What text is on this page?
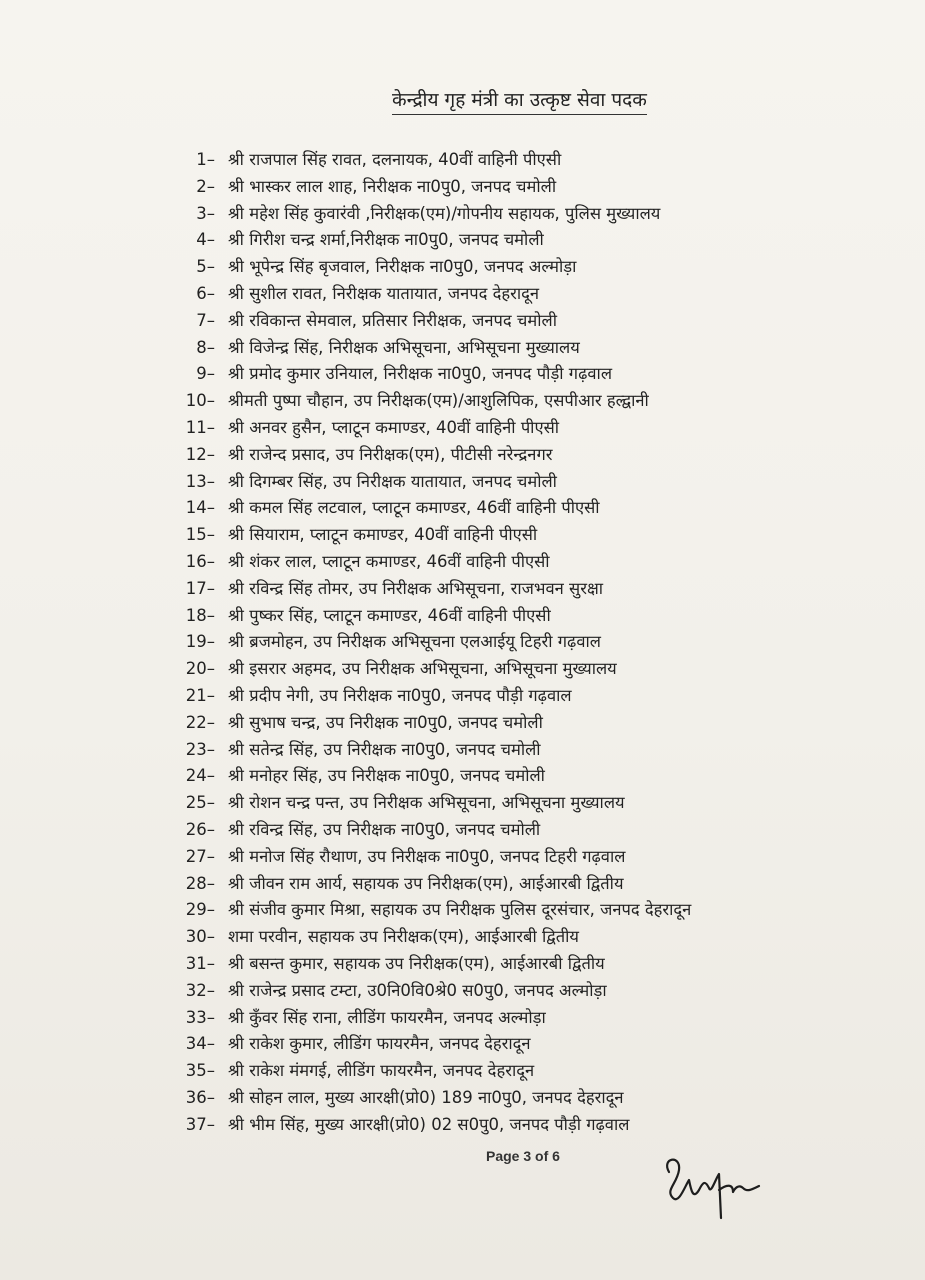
केन्द्रीय गृह मंत्री का उत्कृष्ट सेवा पदक
1– श्री राजपाल सिंह रावत, दलनायक, 40वीं वाहिनी पीएसी
2– श्री भास्कर लाल शाह, निरीक्षक ना0पु0, जनपद चमोली
3– श्री महेश सिंह कुवारंवी ,निरीक्षक(एम)/गोपनीय सहायक, पुलिस मुख्यालय
4– श्री गिरीश चन्द्र शर्मा,निरीक्षक ना0पु0, जनपद चमोली
5– श्री भूपेन्द्र सिंह बृजवाल, निरीक्षक ना0पु0, जनपद अल्मोड़ा
6– श्री सुशील रावत, निरीक्षक यातायात, जनपद देहरादून
7– श्री रविकान्त सेमवाल, प्रतिसार निरीक्षक, जनपद चमोली
8– श्री विजेन्द्र सिंह, निरीक्षक अभिसूचना, अभिसूचना मुख्यालय
9– श्री प्रमोद कुमार उनियाल, निरीक्षक ना0पु0, जनपद पौड़ी गढ़वाल
10– श्रीमती पुष्पा चौहान, उप निरीक्षक(एम)/आशुलिपिक, एसपीआर हल्द्वानी
11– श्री अनवर हुसैन, प्लाटून कमाण्डर, 40वीं वाहिनी पीएसी
12– श्री राजेन्द प्रसाद, उप निरीक्षक(एम), पीटीसी नरेन्द्रनगर
13– श्री दिगम्बर सिंह, उप निरीक्षक यातायात, जनपद चमोली
14– श्री कमल सिंह लटवाल, प्लाटून कमाण्डर, 46वीं वाहिनी पीएसी
15– श्री सियाराम, प्लाटून कमाण्डर, 40वीं वाहिनी पीएसी
16– श्री शंकर लाल, प्लाटून कमाण्डर, 46वीं वाहिनी पीएसी
17– श्री रविन्द्र सिंह तोमर, उप निरीक्षक अभिसूचना, राजभवन सुरक्षा
18– श्री पुष्कर सिंह, प्लाटून कमाण्डर, 46वीं वाहिनी पीएसी
19– श्री ब्रजमोहन, उप निरीक्षक अभिसूचना एलआईयू टिहरी गढ़वाल
20– श्री इसरार अहमद, उप निरीक्षक अभिसूचना, अभिसूचना मुख्यालय
21– श्री प्रदीप नेगी, उप निरीक्षक ना0पु0, जनपद पौड़ी गढ़वाल
22– श्री सुभाष चन्द्र, उप निरीक्षक ना0पु0, जनपद चमोली
23– श्री सतेन्द्र सिंह, उप निरीक्षक ना0पु0, जनपद चमोली
24– श्री मनोहर सिंह, उप निरीक्षक ना0पु0, जनपद चमोली
25– श्री रोशन चन्द्र पन्त, उप निरीक्षक अभिसूचना, अभिसूचना मुख्यालय
26– श्री रविन्द्र सिंह, उप निरीक्षक ना0पु0, जनपद चमोली
27– श्री मनोज सिंह रौथाण, उप निरीक्षक ना0पु0, जनपद टिहरी गढ़वाल
28– श्री जीवन राम आर्य, सहायक उप निरीक्षक(एम), आईआरबी द्वितीय
29– श्री संजीव कुमार मिश्रा, सहायक उप निरीक्षक पुलिस दूरसंचार, जनपद देहरादून
30– शमा परवीन, सहायक उप निरीक्षक(एम), आईआरबी द्वितीय
31– श्री बसन्त कुमार, सहायक उप निरीक्षक(एम), आईआरबी द्वितीय
32– श्री राजेन्द्र प्रसाद टम्टा, उ0नि0वि0श्रे0 स0पु0, जनपद अल्मोड़ा
33– श्री कुँवर सिंह राना, लीडिंग फायरमैन, जनपद अल्मोड़ा
34– श्री राकेश कुमार, लीडिंग फायरमैन, जनपद देहरादून
35– श्री राकेश मंमगई, लीडिंग फायरमैन, जनपद देहरादून
36– श्री सोहन लाल, मुख्य आरक्षी(प्रो0) 189 ना0पु0, जनपद देहरादून
37– श्री भीम सिंह, मुख्य आरक्षी(प्रो0) 02 स0पु0, जनपद पौड़ी गढ़वाल
Page 3 of 6
